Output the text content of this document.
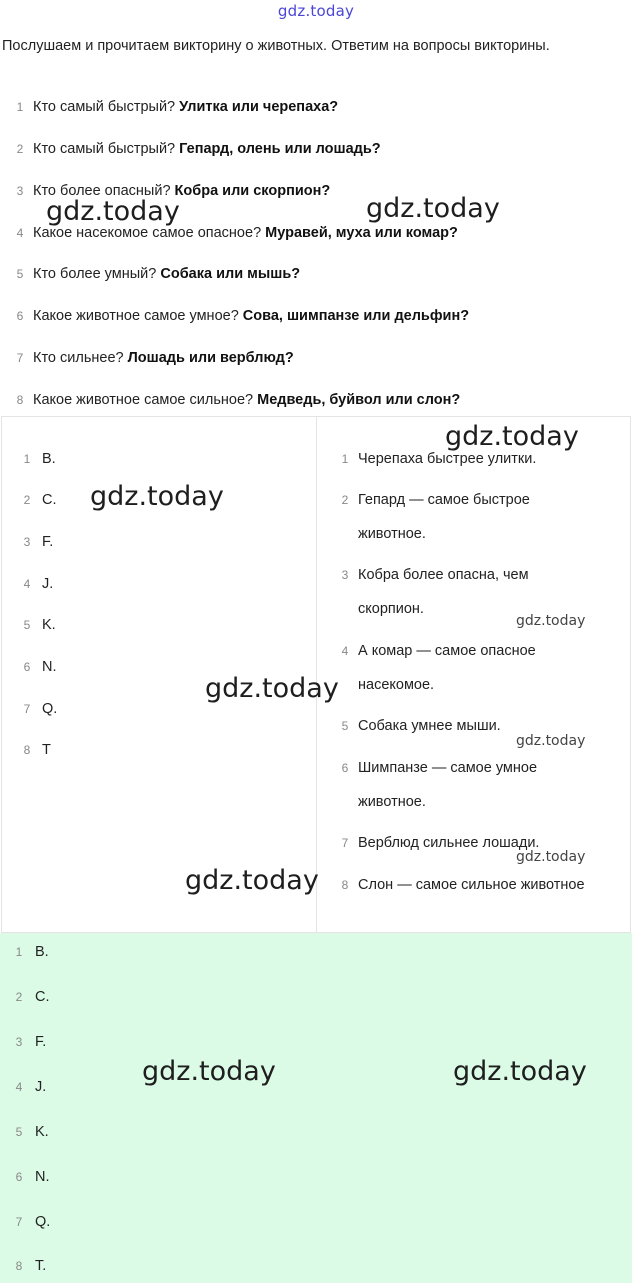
gdz.today
Послушаем и прочитаем викторину о животных. Ответим на вопросы викторины.
1 Кто самый быстрый? Улитка или черепаха?
2 Кто самый быстрый? Гепард, олень или лошадь?
3 Кто более опасный? Кобра или скорпион?
4 Какое насекомое самое опасное? Муравей, муха или комар?
5 Кто более умный? Собака или мышь?
6 Какое животное самое умное? Сова, шимпанзе или дельфин?
7 Кто сильнее? Лошадь или верблюд?
8 Какое животное самое сильное? Медведь, буйвол или слон?
1 B.
2 C.
3 F.
4 J.
5 K.
6 N.
7 Q.
8 T
1 Черепаха быстрее улитки.
2 Гепард — самое быстрое животное.
3 Кобра более опасна, чем скорпион.
4 А комар — самое опасное насекомое.
5 Собака умнее мыши.
6 Шимпанзе — самое умное животное.
7 Верблюд сильнее лошади.
8 Слон — самое сильное животное
1 B.
2 C.
3 F.
4 J.
5 K.
6 N.
7 Q.
8 T.
gdz.today	gdz.today
gdz.today
gdz.today
gdz.today
gdz.today
gdz.today
gdz.today
gdz.today
gdz.today	gdz.today
